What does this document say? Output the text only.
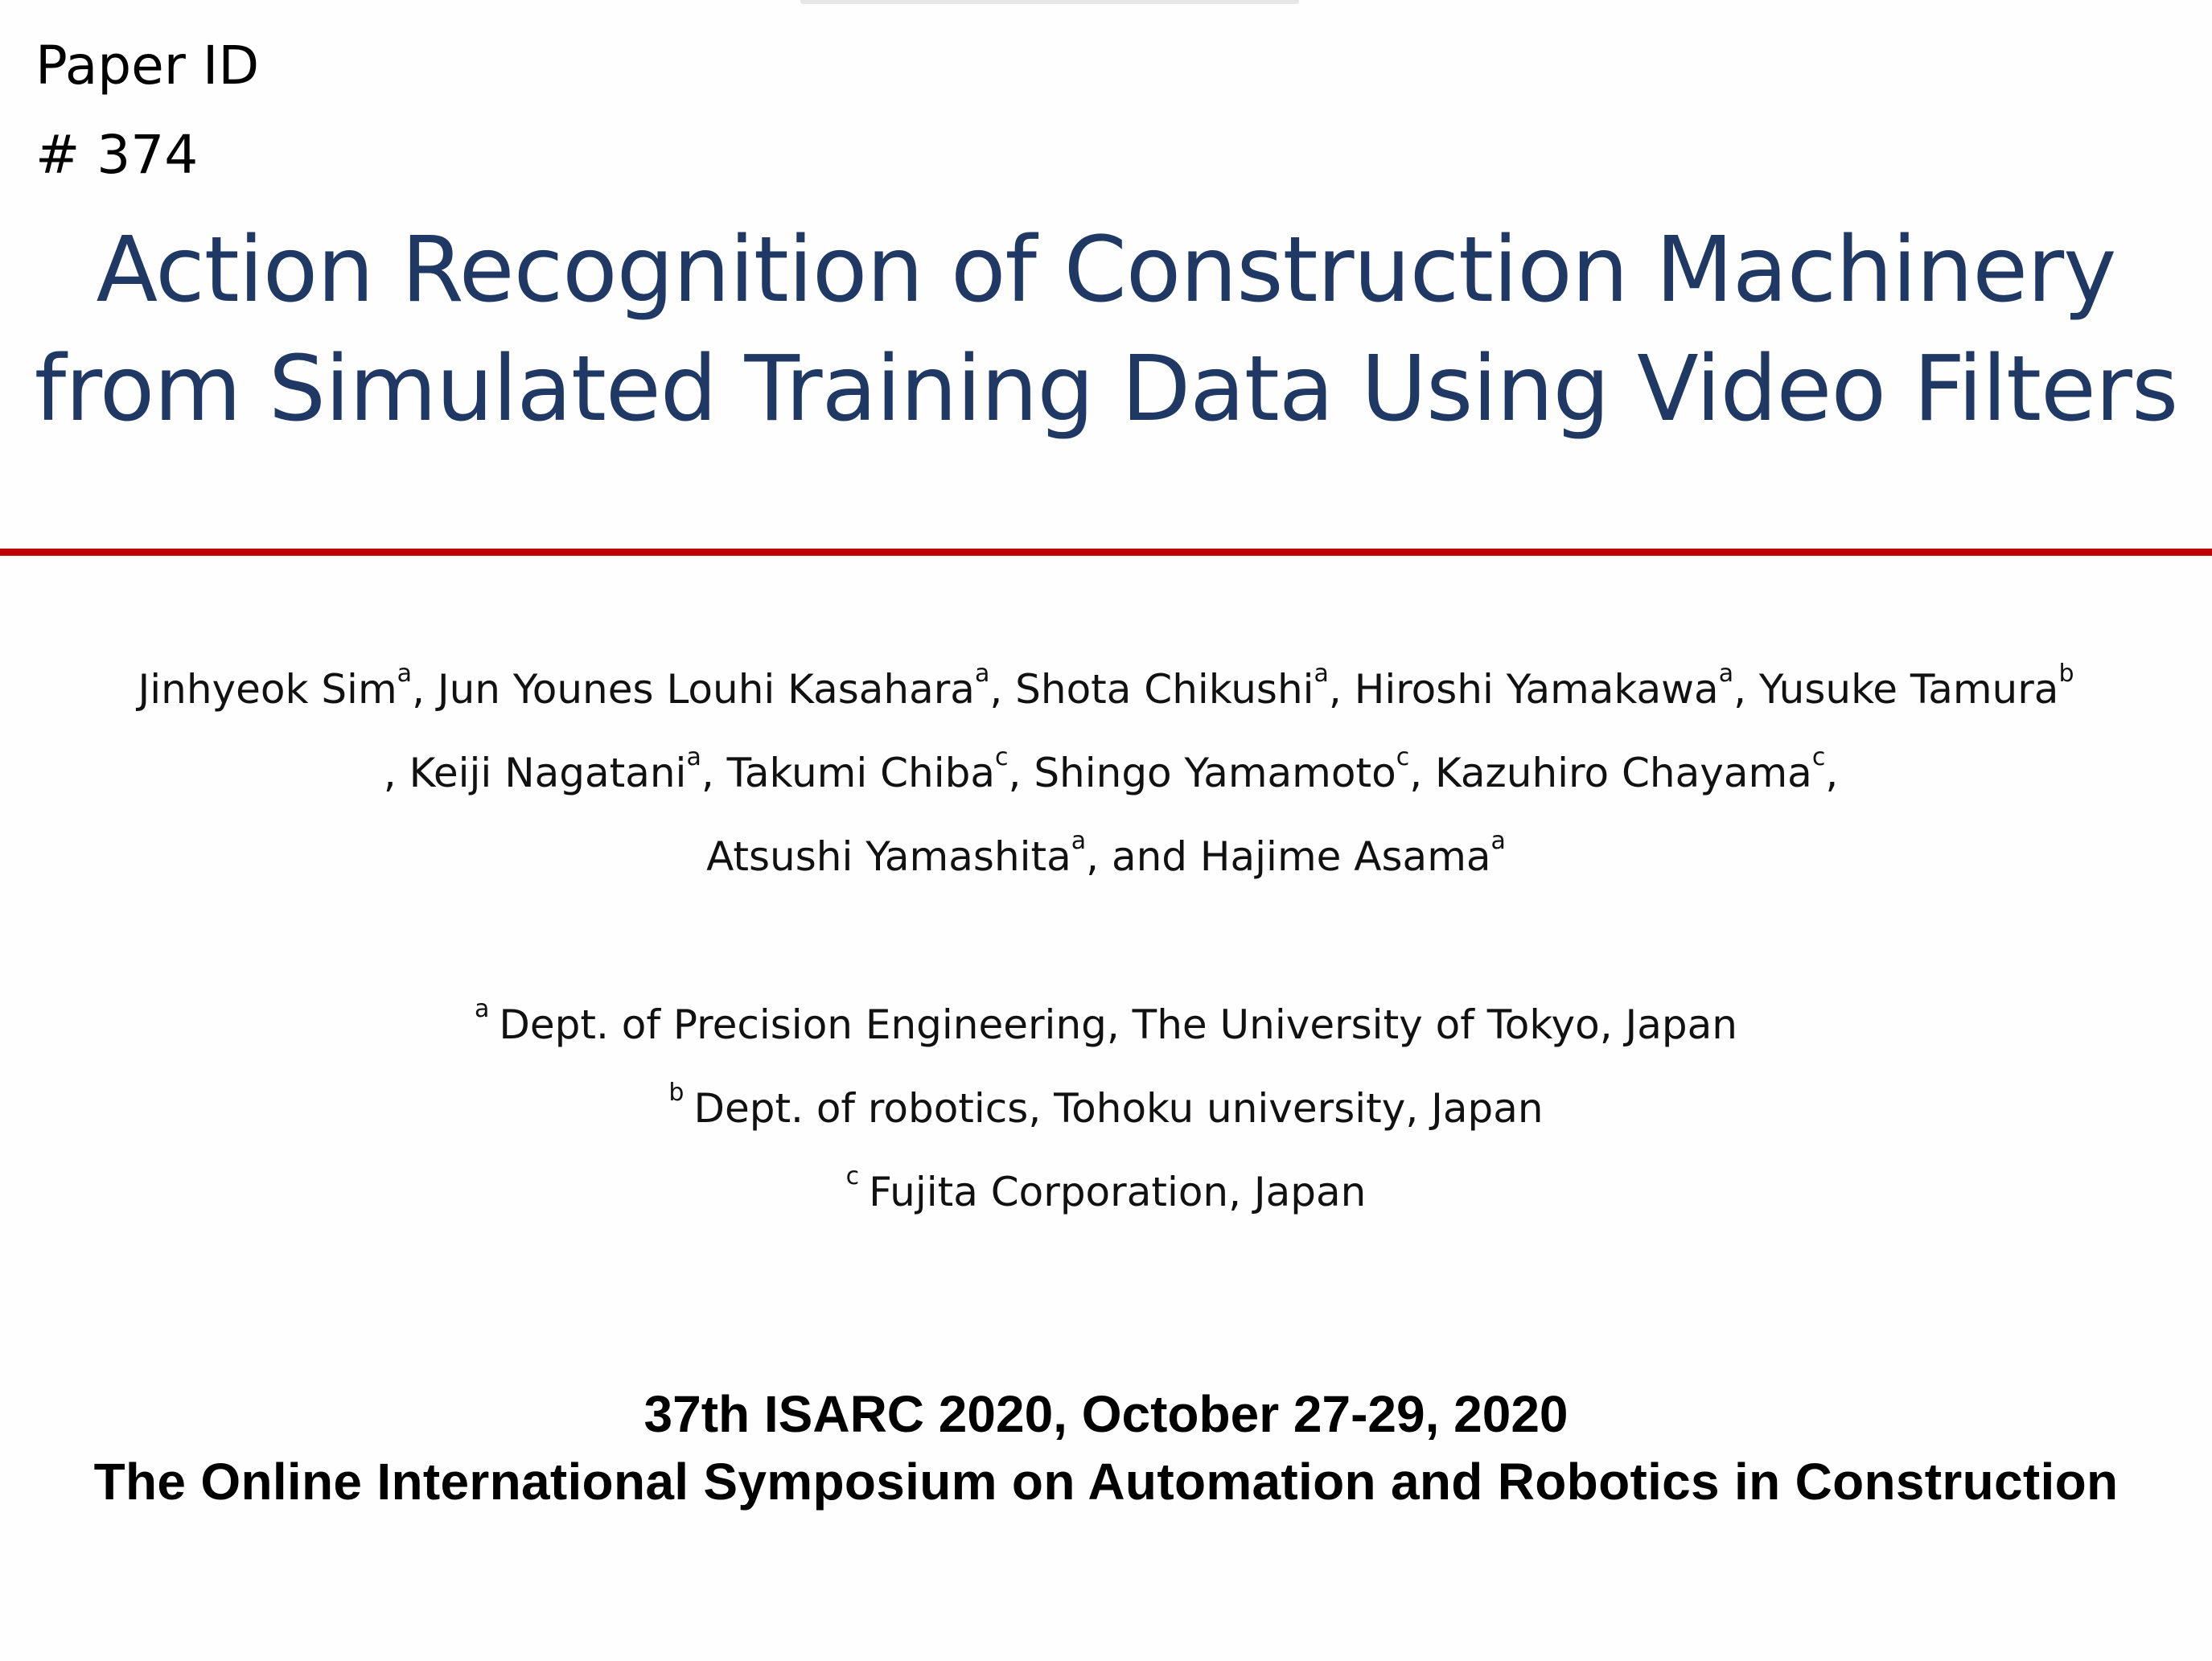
Paper ID
# 374
Action Recognition of Construction Machinery
from Simulated Training Data Using Video Filters
Jinhyeok Sim$^a$, Jun Younes Louhi Kasahara$^a$, Shota Chikushi$^a$, Hiroshi Yamakawa$^a$, Yusuke Tamura$^b$
, Keiji Nagatani$^a$, Takumi Chiba$^c$, Shingo Yamamoto$^c$, Kazuhiro Chayama$^c$,
Atsushi Yamashita$^a$, and Hajime Asama$^a$
$^a$ Dept. of Precision Engineering, The University of Tokyo, Japan
$^b$ Dept. of robotics, Tohoku university, Japan
$^c$ Fujita Corporation, Japan
37th ISARC 2020, October 27-29, 2020
The Online International Symposium on Automation and Robotics in Construction
